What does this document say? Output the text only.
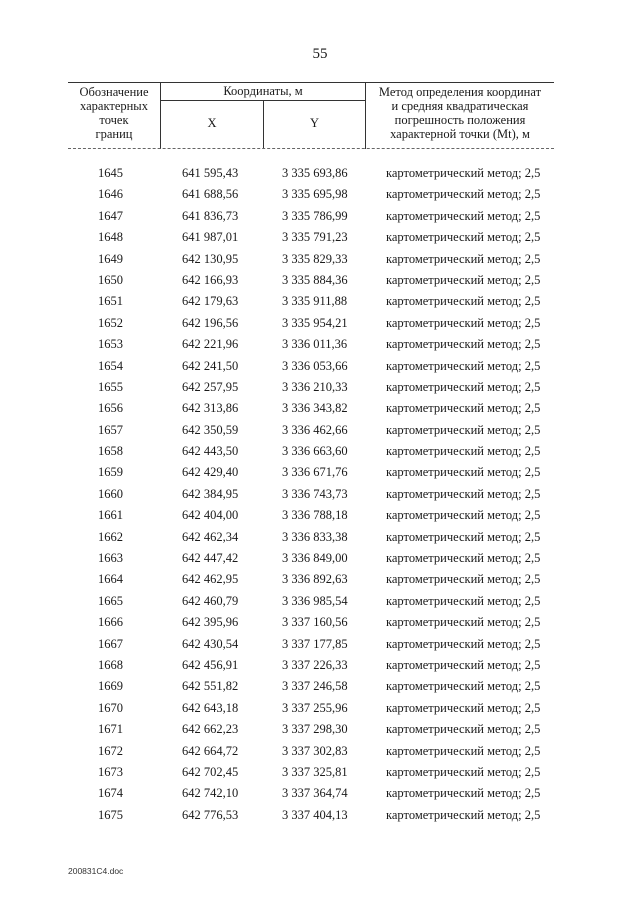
55
Обозначение
характерных
точек
границ
Координаты, м
X	Y
Метод определения координат
и средняя квадратическая
погрешность положения
характерной точки (Mt), м
1645	641 595,43	3 335 693,86	картометрический метод; 2,5
1646	641 688,56	3 335 695,98	картометрический метод; 2,5
1647	641 836,73	3 335 786,99	картометрический метод; 2,5
1648	641 987,01	3 335 791,23	картометрический метод; 2,5
1649	642 130,95	3 335 829,33	картометрический метод; 2,5
1650	642 166,93	3 335 884,36	картометрический метод; 2,5
1651	642 179,63	3 335 911,88	картометрический метод; 2,5
1652	642 196,56	3 335 954,21	картометрический метод; 2,5
1653	642 221,96	3 336 011,36	картометрический метод; 2,5
1654	642 241,50	3 336 053,66	картометрический метод; 2,5
1655	642 257,95	3 336 210,33	картометрический метод; 2,5
1656	642 313,86	3 336 343,82	картометрический метод; 2,5
1657	642 350,59	3 336 462,66	картометрический метод; 2,5
1658	642 443,50	3 336 663,60	картометрический метод; 2,5
1659	642 429,40	3 336 671,76	картометрический метод; 2,5
1660	642 384,95	3 336 743,73	картометрический метод; 2,5
1661	642 404,00	3 336 788,18	картометрический метод; 2,5
1662	642 462,34	3 336 833,38	картометрический метод; 2,5
1663	642 447,42	3 336 849,00	картометрический метод; 2,5
1664	642 462,95	3 336 892,63	картометрический метод; 2,5
1665	642 460,79	3 336 985,54	картометрический метод; 2,5
1666	642 395,96	3 337 160,56	картометрический метод; 2,5
1667	642 430,54	3 337 177,85	картометрический метод; 2,5
1668	642 456,91	3 337 226,33	картометрический метод; 2,5
1669	642 551,82	3 337 246,58	картометрический метод; 2,5
1670	642 643,18	3 337 255,96	картометрический метод; 2,5
1671	642 662,23	3 337 298,30	картометрический метод; 2,5
1672	642 664,72	3 337 302,83	картометрический метод; 2,5
1673	642 702,45	3 337 325,81	картометрический метод; 2,5
1674	642 742,10	3 337 364,74	картометрический метод; 2,5
1675	642 776,53	3 337 404,13	картометрический метод; 2,5
200831C4.doc
